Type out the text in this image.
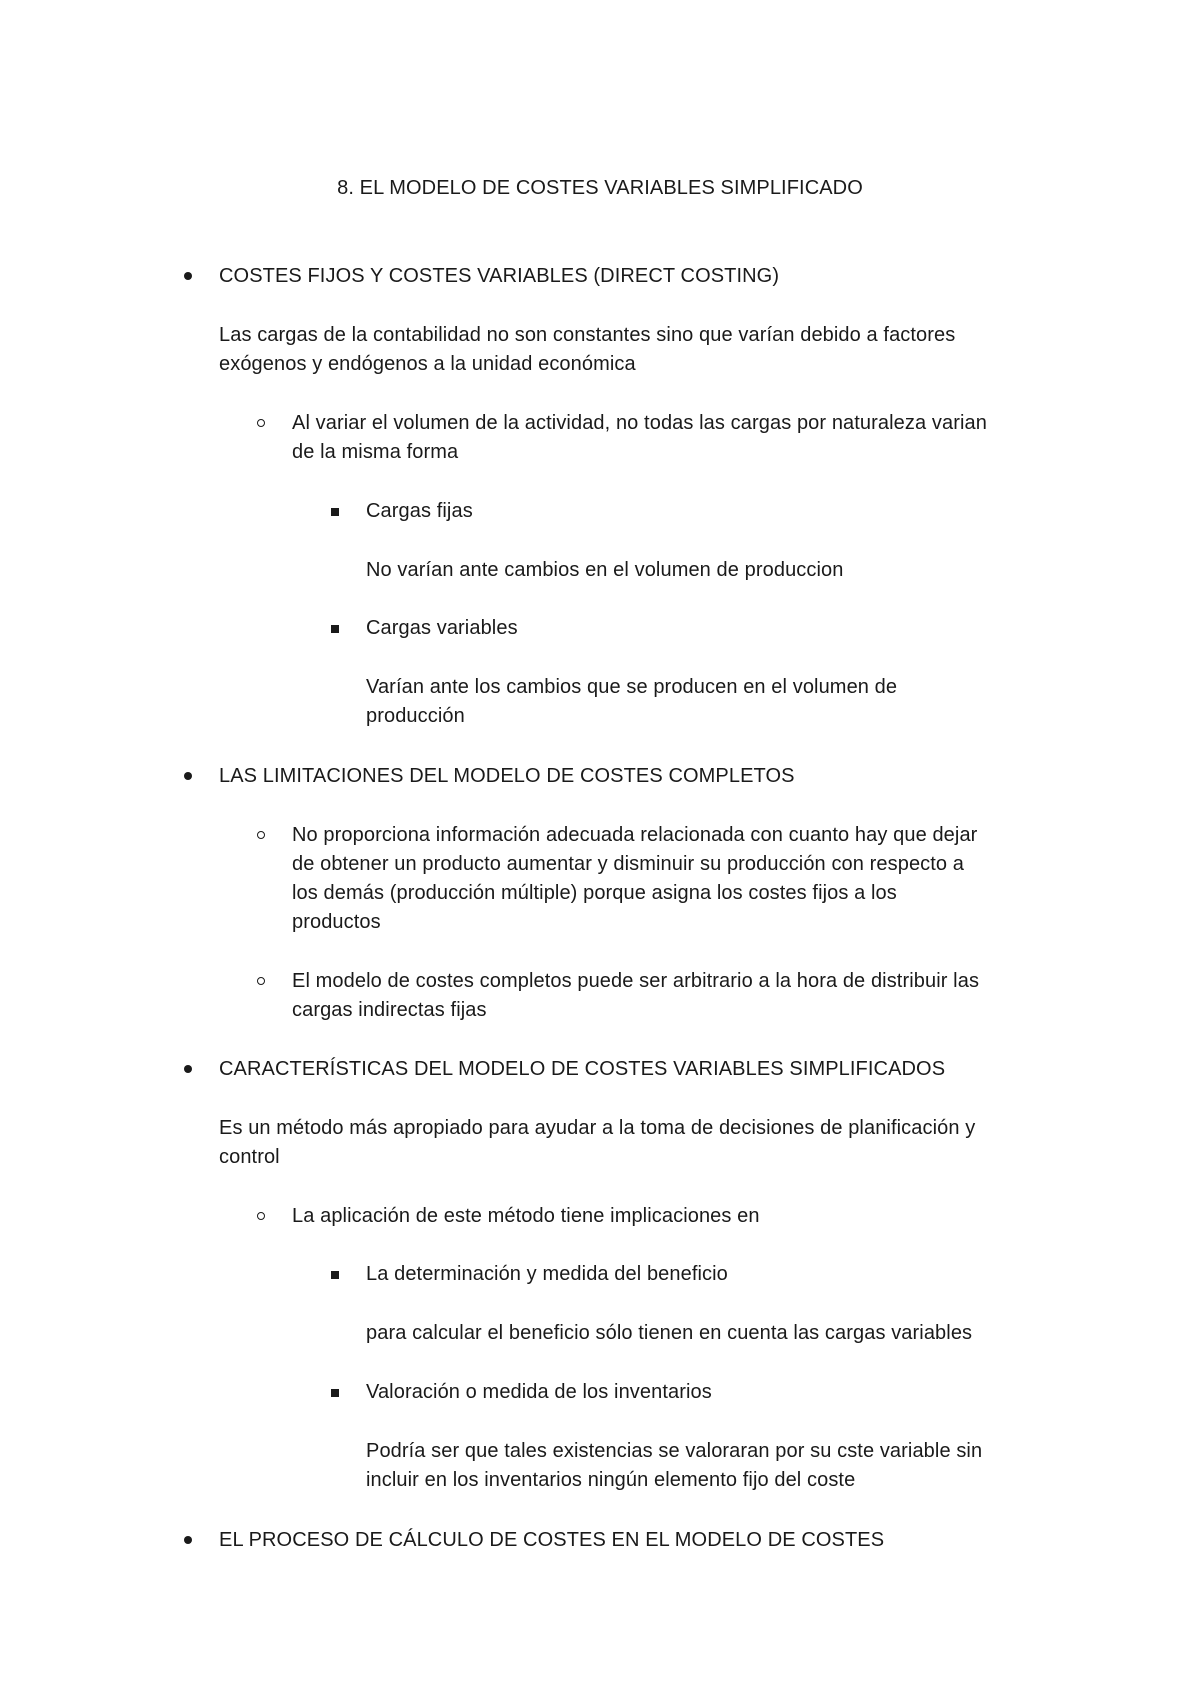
8. EL MODELO DE COSTES VARIABLES SIMPLIFICADO
COSTES FIJOS Y COSTES VARIABLES (DIRECT COSTING)
Las cargas de la contabilidad no son constantes sino que varían debido a factores
exógenos y endógenos a la unidad económica
Al variar el volumen de la actividad, no todas las cargas por naturaleza varian
de la misma forma
Cargas fijas
No varían ante cambios en el volumen de produccion
Cargas variables
Varían ante los cambios que se producen en el volumen de
producción
LAS LIMITACIONES DEL MODELO DE COSTES COMPLETOS
No proporciona información adecuada relacionada con cuanto hay que dejar
de obtener un producto aumentar y disminuir su producción con respecto a
los demás (producción múltiple) porque asigna los costes fijos a los
productos
El modelo de costes completos puede ser arbitrario a la hora de distribuir las
cargas indirectas fijas
CARACTERÍSTICAS DEL MODELO DE COSTES VARIABLES SIMPLIFICADOS
Es un método más apropiado para ayudar a la toma de decisiones de planificación y
control
La aplicación de este método tiene implicaciones en
La determinación y medida del beneficio
para calcular el beneficio sólo tienen en cuenta las cargas variables
Valoración o medida de los inventarios
Podría ser que tales existencias se valoraran por su cste variable sin
incluir en los inventarios ningún elemento fijo del coste
EL PROCESO DE CÁLCULO DE COSTES EN EL MODELO DE COSTES
